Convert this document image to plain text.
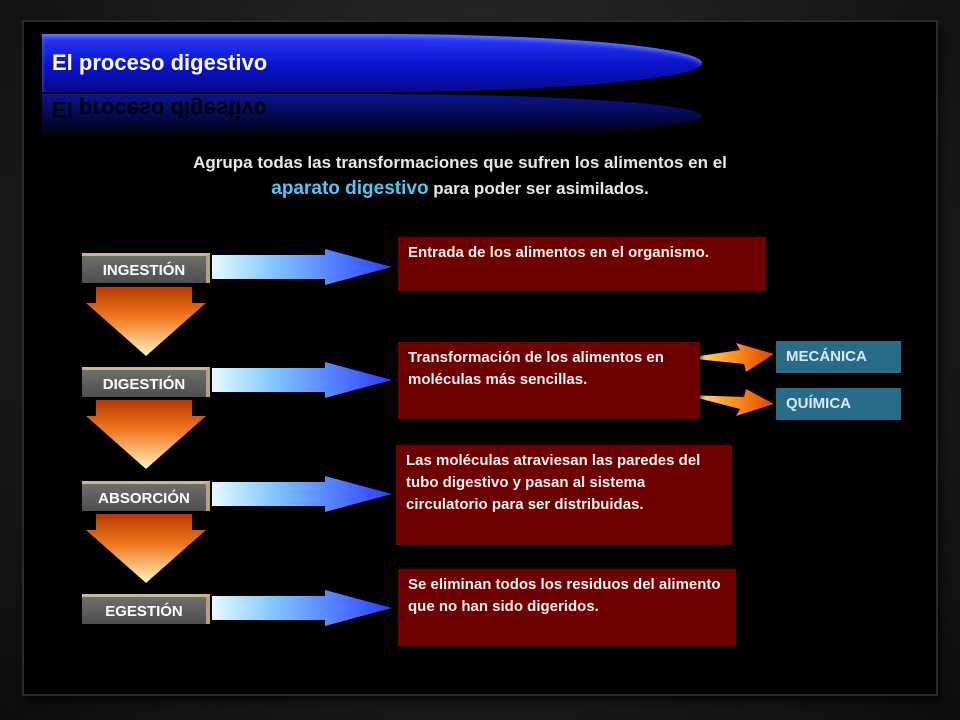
El proceso digestivo
El proceso digestivo
Agrupa todas las transformaciones que sufren los alimentos en el
aparato digestivo para poder ser asimilados.
INGESTIÓN
DIGESTIÓN
ABSORCIÓN
EGESTIÓN
Entrada de los alimentos en el organismo.
Transformación de los alimentos en moléculas más sencillas.
Las moléculas atraviesan las paredes del tubo digestivo y pasan al sistema circulatorio para ser distribuidas.
Se eliminan todos los residuos del alimento que no han sido digeridos.
MECÁNICA
QUÍMICA
